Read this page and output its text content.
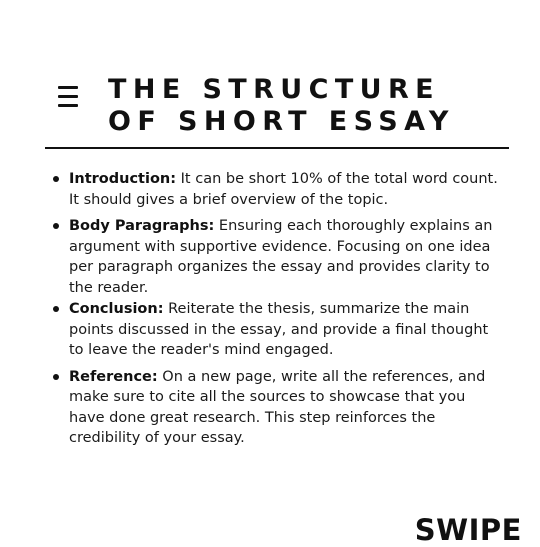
THE STRUCTURE
OF SHORT ESSAY
Introduction: It can be short 10% of the total word count. It should gives a brief overview of the topic.
Body Paragraphs: Ensuring each thoroughly explains an argument with supportive evidence. Focusing on one idea per paragraph organizes the essay and provides clarity to the reader.
Conclusion: Reiterate the thesis, summarize the main points discussed in the essay, and provide a final thought to leave the reader's mind engaged.
Reference: On a new page, write all the references, and make sure to cite all the sources to showcase that you have done great research. This step reinforces the credibility of your essay.
SWIPE
